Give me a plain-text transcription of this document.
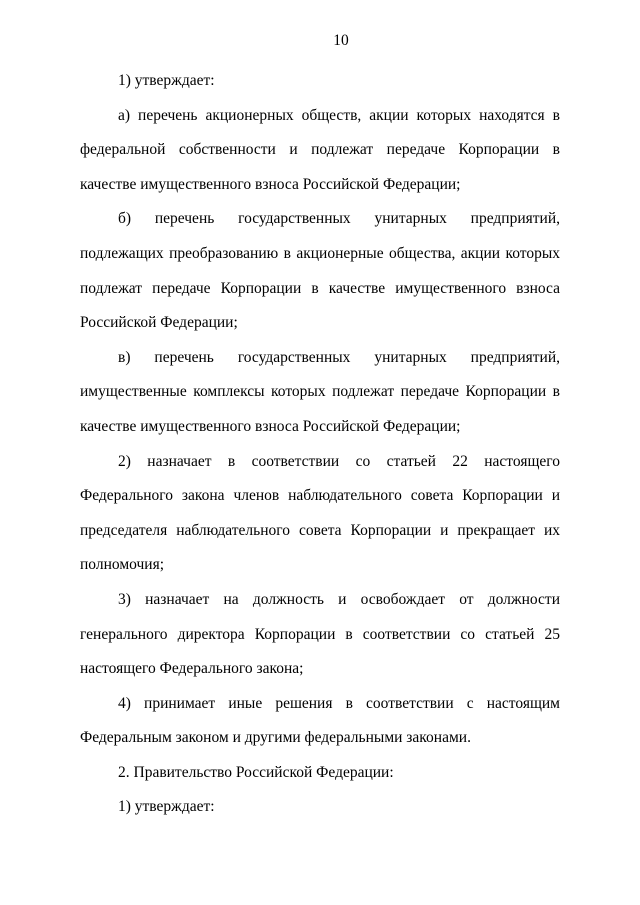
10

1) утверждает:

а) перечень акционерных обществ, акции которых находятся в федеральной собственности и подлежат передаче Корпорации в качестве имущественного взноса Российской Федерации;

б) перечень государственных унитарных предприятий, подлежащих преобразованию в акционерные общества, акции которых подлежат передаче Корпорации в качестве имущественного взноса Российской Федерации;

в) перечень государственных унитарных предприятий, имущественные комплексы которых подлежат передаче Корпорации в качестве имущественного взноса Российской Федерации;

2) назначает в соответствии со статьей 22 настоящего Федерального закона членов наблюдательного совета Корпорации и председателя наблюдательного совета Корпорации и прекращает их полномочия;

3) назначает на должность и освобождает от должности генерального директора Корпорации в соответствии со статьей 25 настоящего Федерального закона;

4) принимает иные решения в соответствии с настоящим Федеральным законом и другими федеральными законами.

2. Правительство Российской Федерации:

1) утверждает:
